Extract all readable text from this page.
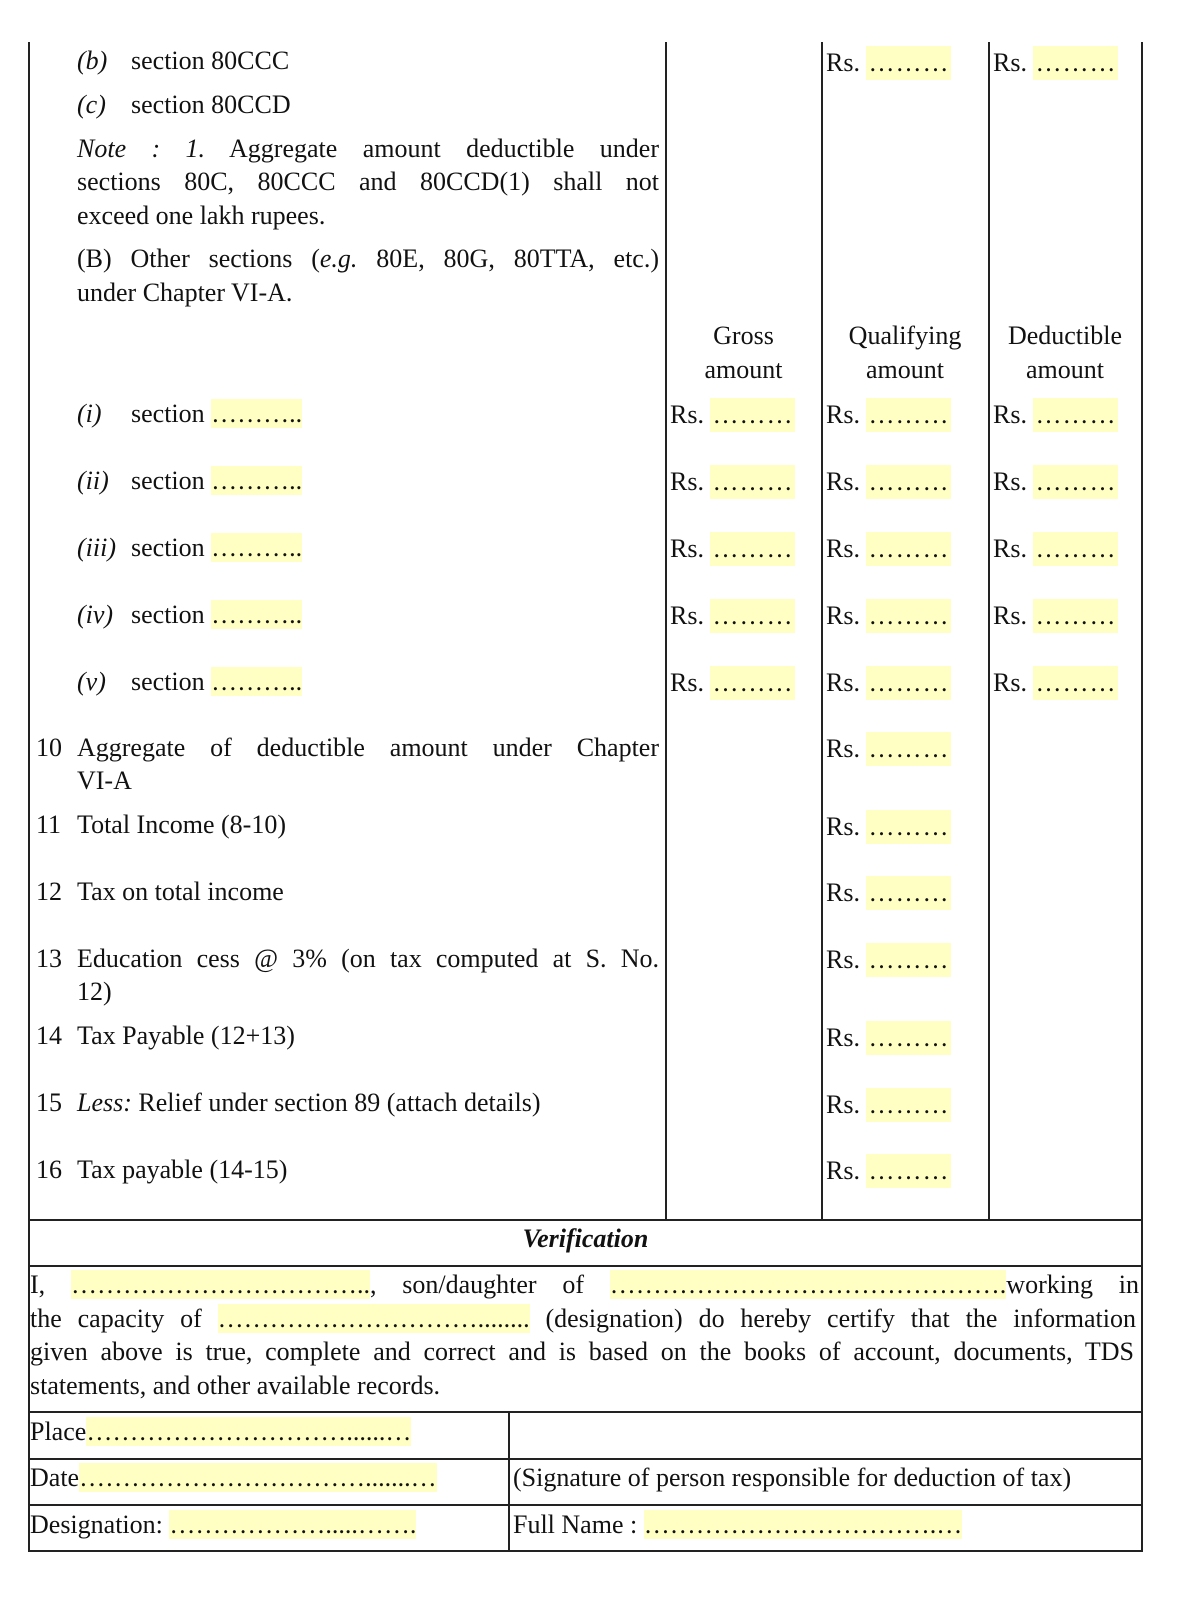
(b) section 80CCC
(c) section 80CCD
Note : 1. Aggregate amount deductible under
sections 80C, 80CCC and 80CCD(1) shall not
exceed one lakh rupees.
(B) Other sections (e.g. 80E, 80G, 80TTA, etc.)
under Chapter VI-A.
Gross
amount
Qualifying
amount
Deductible
amount
(i) section ………..
(ii) section ………..
(iii) section ………..
(iv) section ………..
(v) section ………..
10 Aggregate of deductible amount under Chapter
VI-A
11 Total Income (8-10)
12 Tax on total income
13 Education cess @ 3% (on tax computed at S. No.
12)
14 Tax Payable (12+13)
15 Less: Relief under section 89 (attach details)
16 Tax payable (14-15)
Rs. ……… Rs. ………
Rs. ……… Rs. ……… Rs. ………
Rs. ……… Rs. ……… Rs. ………
Rs. ……… Rs. ……… Rs. ………
Rs. ……… Rs. ……… Rs. ………
Rs. ……… Rs. ……… Rs. ………
Rs. ………
Rs. ………
Rs. ………
Rs. ………
Rs. ………
Rs. ………
Rs. ………
Verification
I, …………………………….., son/daughter of ……………………………………….working in
the capacity of …………………………........ (designation) do hereby certify that the information
given above is true, complete and correct and is based on the books of account, documents, TDS
statements, and other available records.
Place…………………………......…
Date…………………………….......…
Designation: ……………….....…….
(Signature of person responsible for deduction of tax)
Full Name : …………………………….…
